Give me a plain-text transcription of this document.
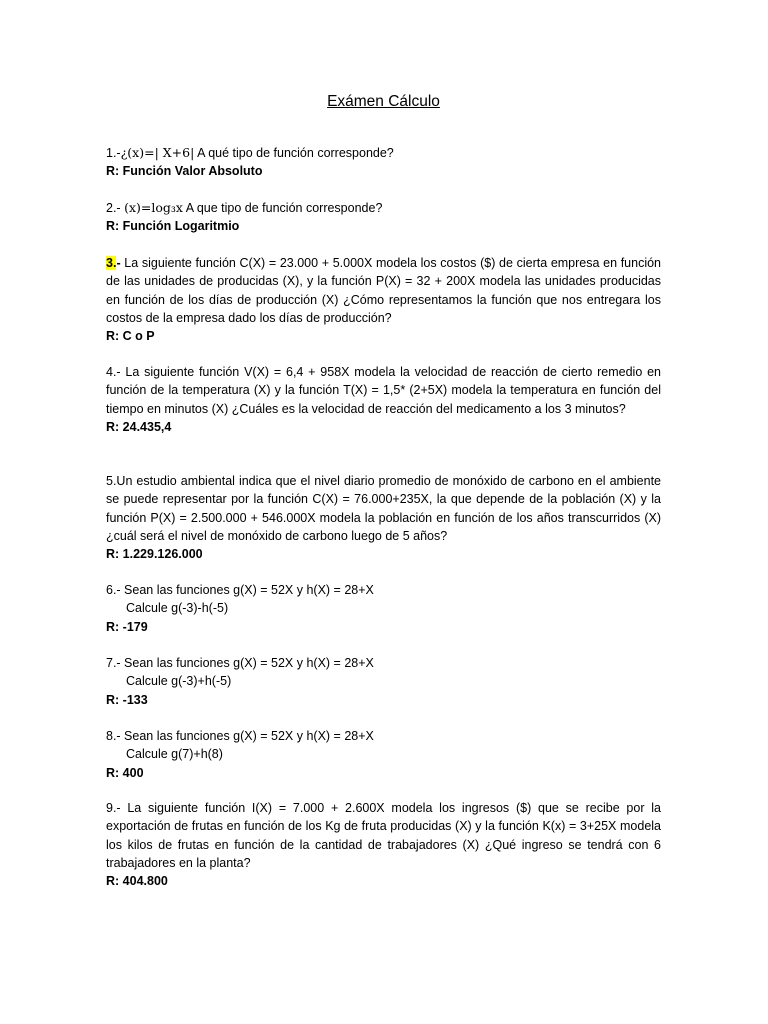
Exámen Cálculo
1.-¿(x)=| X+6| A qué tipo de función corresponde?
R: Función Valor Absoluto
2.- (x)=log₃x A que tipo de función corresponde?
R: Función Logaritmio
3.- La siguiente función C(X) = 23.000 + 5.000X modela los costos ($) de cierta empresa en función de las unidades de producidas (X), y la función P(X) = 32 + 200X modela las unidades producidas en función de los días de producción (X) ¿Cómo representamos la función que nos entregara los costos de la empresa dado los días de producción?
R: C o P
4.- La siguiente función V(X) = 6,4 + 958X modela la velocidad de reacción de cierto remedio en función de la temperatura (X) y la función T(X) = 1,5* (2+5X) modela la temperatura en función del tiempo en minutos (X) ¿Cuáles es la velocidad de reacción del medicamento a los 3 minutos?
R: 24.435,4
5.Un estudio ambiental indica que el nivel diario promedio de monóxido de carbono en el ambiente se puede representar por la función C(X) = 76.000+235X, la que depende de la población (X) y la función P(X) = 2.500.000 + 546.000X modela la población en función de los años transcurridos (X) ¿cuál será el nivel de monóxido de carbono luego de 5 años?
R: 1.229.126.000
6.- Sean las funciones g(X) = 52X y h(X) = 28+X
Calcule g(-3)-h(-5)
R: -179
7.- Sean las funciones g(X) = 52X y h(X) = 28+X
Calcule g(-3)+h(-5)
R: -133
8.- Sean las funciones g(X) = 52X y h(X) = 28+X
Calcule g(7)+h(8)
R: 400
9.- La siguiente función I(X) = 7.000 + 2.600X modela los ingresos ($) que se recibe por la exportación de frutas en función de los Kg de fruta producidas (X) y la función K(x) = 3+25X modela los kilos de frutas en función de la cantidad de trabajadores (X) ¿Qué ingreso se tendrá con 6 trabajadores en la planta?
R: 404.800
